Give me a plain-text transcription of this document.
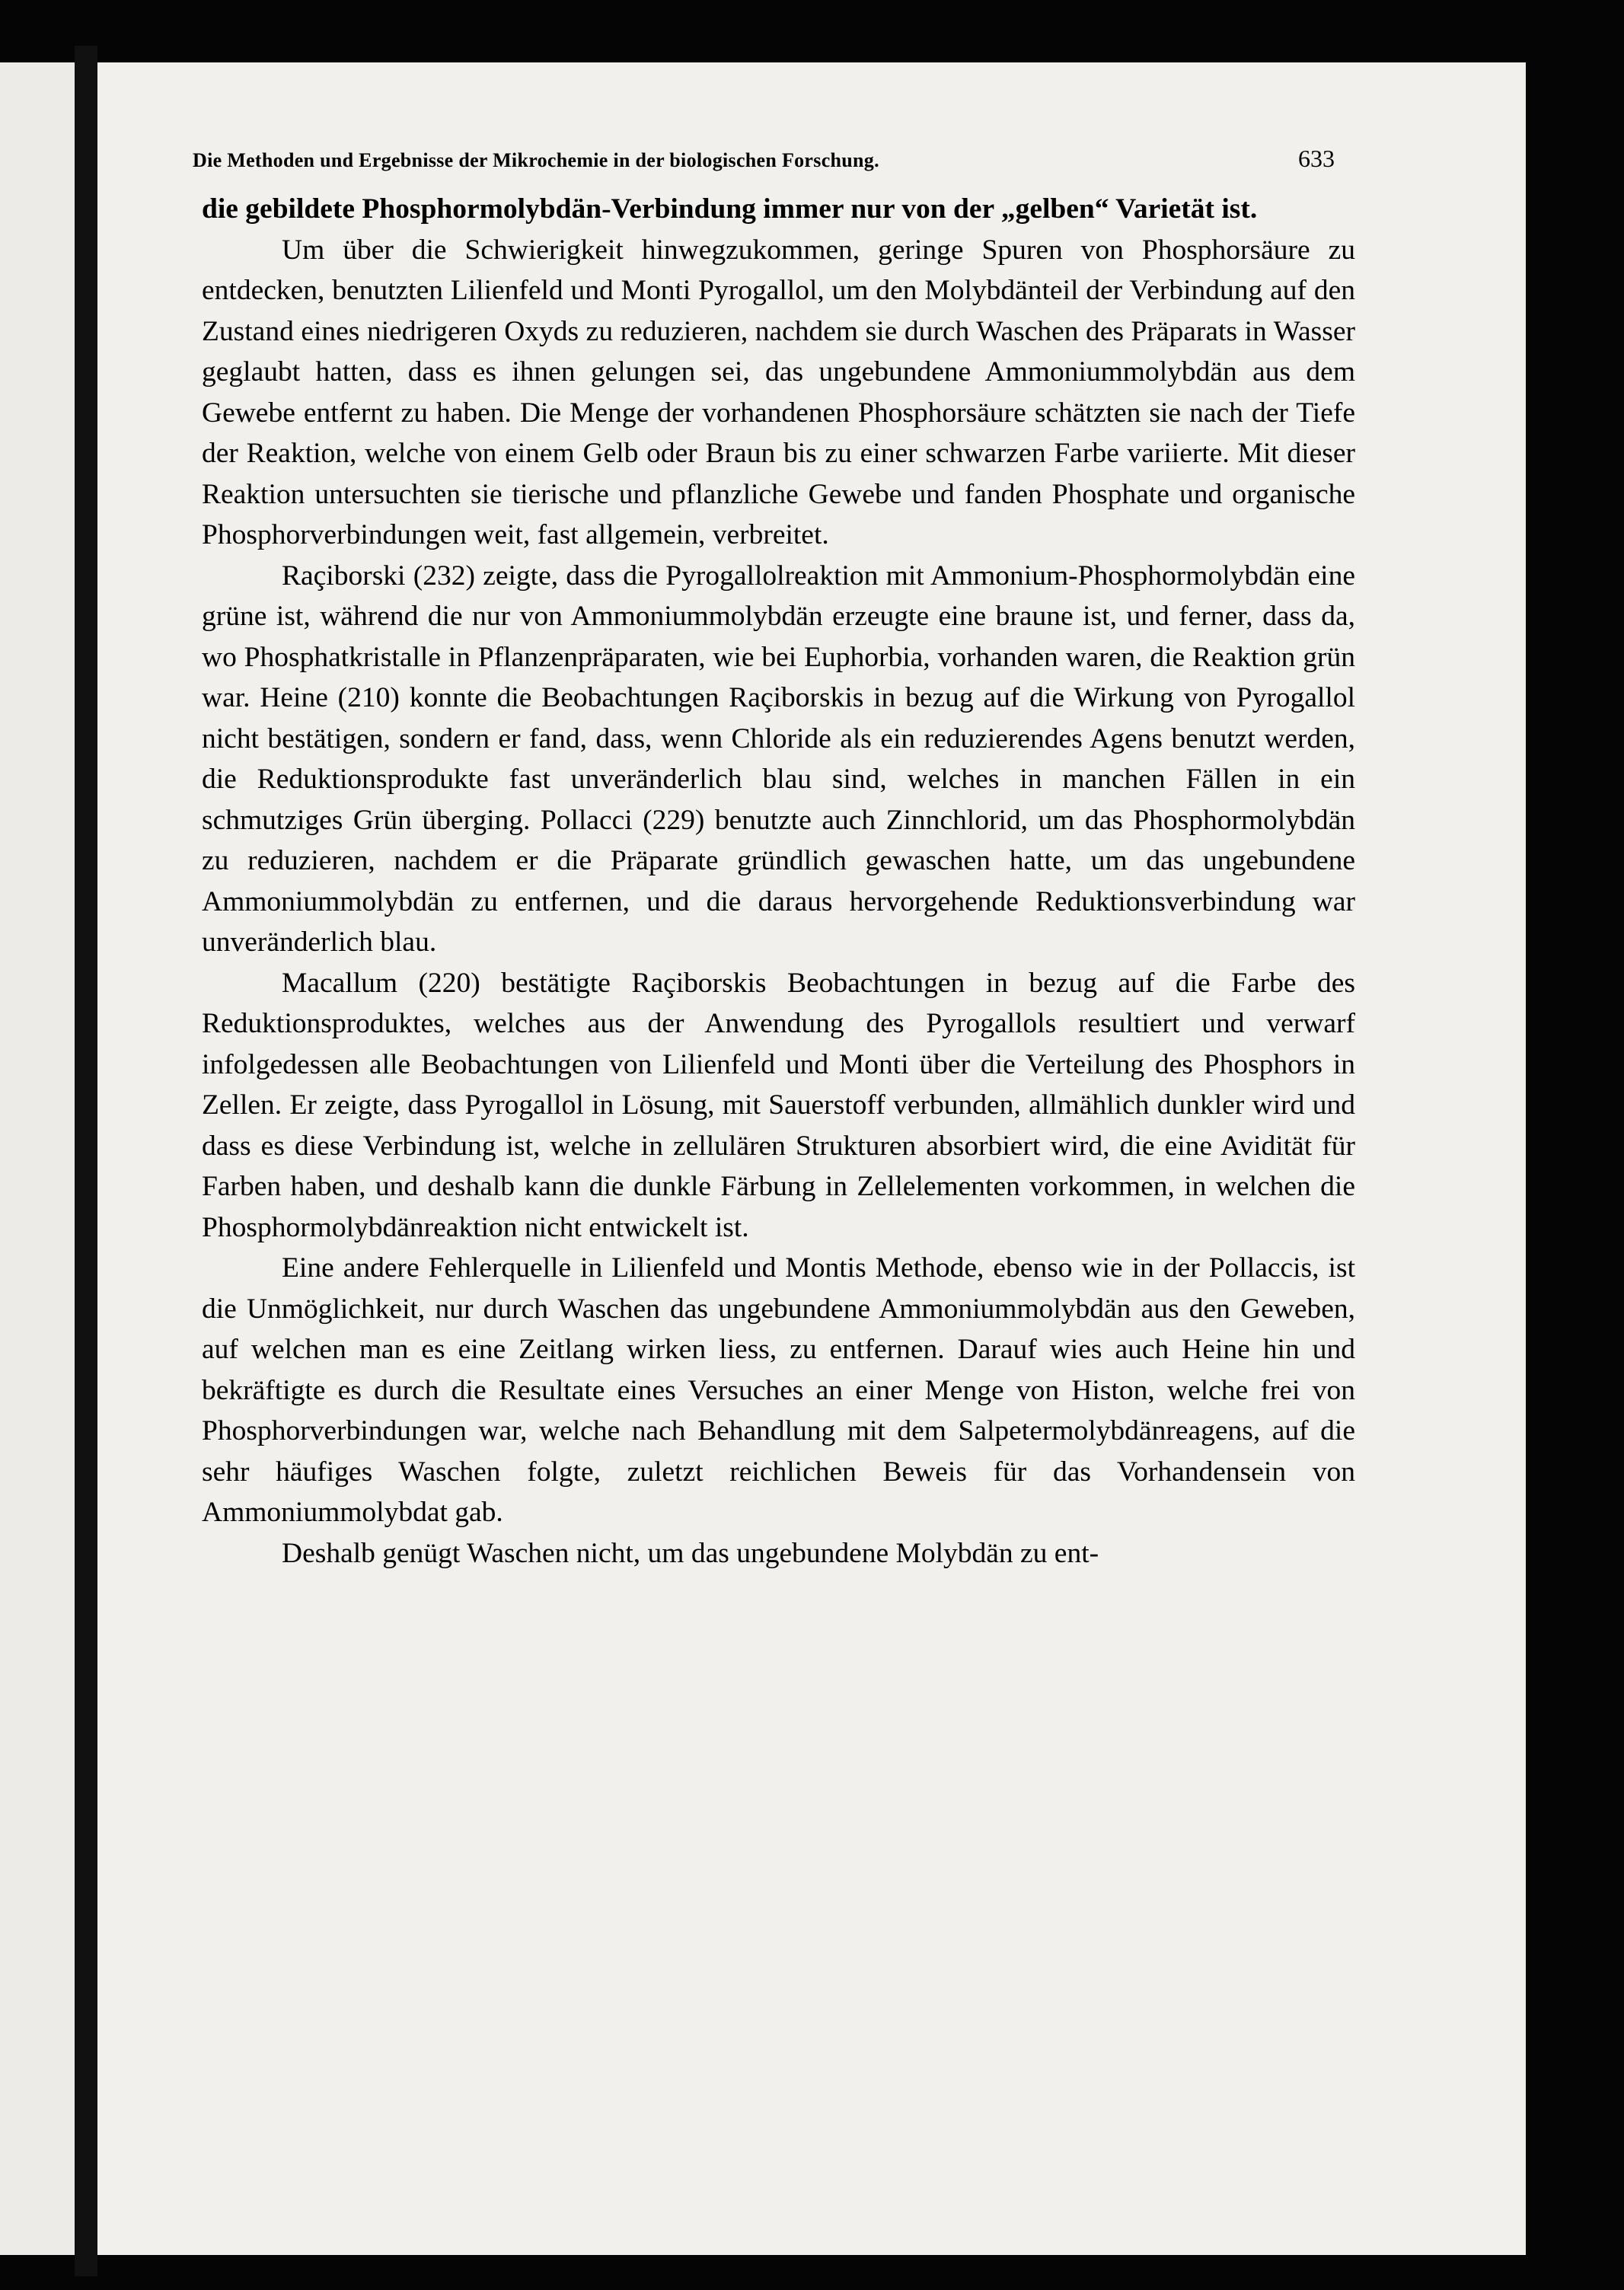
Die Methoden und Ergebnisse der Mikrochemie in der biologischen Forschung.	633

die gebildete Phosphormolybdän-Verbindung immer nur von der „gelben“ Varietät ist.

Um über die Schwierigkeit hinwegzukommen, geringe Spuren von Phosphorsäure zu entdecken, benutzten Lilienfeld und Monti Pyrogallol, um den Molybdänteil der Verbindung auf den Zustand eines niedrigeren Oxyds zu reduzieren, nachdem sie durch Waschen des Präparats in Wasser geglaubt hatten, dass es ihnen gelungen sei, das ungebundene Ammoniummolybdän aus dem Gewebe entfernt zu haben. Die Menge der vorhandenen Phosphorsäure schätzten sie nach der Tiefe der Reaktion, welche von einem Gelb oder Braun bis zu einer schwarzen Farbe variierte. Mit dieser Reaktion untersuchten sie tierische und pflanzliche Gewebe und fanden Phosphate und organische Phosphorverbindungen weit, fast allgemein, verbreitet.

Raçiborski (232) zeigte, dass die Pyrogallolreaktion mit Ammonium-Phosphormolybdän eine grüne ist, während die nur von Ammoniummolybdän erzeugte eine braune ist, und ferner, dass da, wo Phosphatkristalle in Pflanzenpräparaten, wie bei Euphorbia, vorhanden waren, die Reaktion grün war. Heine (210) konnte die Beobachtungen Raçiborskis in bezug auf die Wirkung von Pyrogallol nicht bestätigen, sondern er fand, dass, wenn Chloride als ein reduzierendes Agens benutzt werden, die Reduktionsprodukte fast unveränderlich blau sind, welches in manchen Fällen in ein schmutziges Grün überging. Pollacci (229) benutzte auch Zinnchlorid, um das Phosphormolybdän zu reduzieren, nachdem er die Präparate gründlich gewaschen hatte, um das ungebundene Ammoniummolybdän zu entfernen, und die daraus hervorgehende Reduktionsverbindung war unveränderlich blau.

Macallum (220) bestätigte Raçiborskis Beobachtungen in bezug auf die Farbe des Reduktionsproduktes, welches aus der Anwendung des Pyrogallols resultiert und verwarf infolgedessen alle Beobachtungen von Lilienfeld und Monti über die Verteilung des Phosphors in Zellen. Er zeigte, dass Pyrogallol in Lösung, mit Sauerstoff verbunden, allmählich dunkler wird und dass es diese Verbindung ist, welche in zellulären Strukturen absorbiert wird, die eine Avidität für Farben haben, und deshalb kann die dunkle Färbung in Zellelementen vorkommen, in welchen die Phosphormolybdänreaktion nicht entwickelt ist.

Eine andere Fehlerquelle in Lilienfeld und Montis Methode, ebenso wie in der Pollaccis, ist die Unmöglichkeit, nur durch Waschen das ungebundene Ammoniummolybdän aus den Geweben, auf welchen man es eine Zeitlang wirken liess, zu entfernen. Darauf wies auch Heine hin und bekräftigte es durch die Resultate eines Versuches an einer Menge von Histon, welche frei von Phosphorverbindungen war, welche nach Behandlung mit dem Salpetermolybdänreagens, auf die sehr häufiges Waschen folgte, zuletzt reichlichen Beweis für das Vorhandensein von Ammoniummolybdat gab.

Deshalb genügt Waschen nicht, um das ungebundene Molybdän zu ent-
